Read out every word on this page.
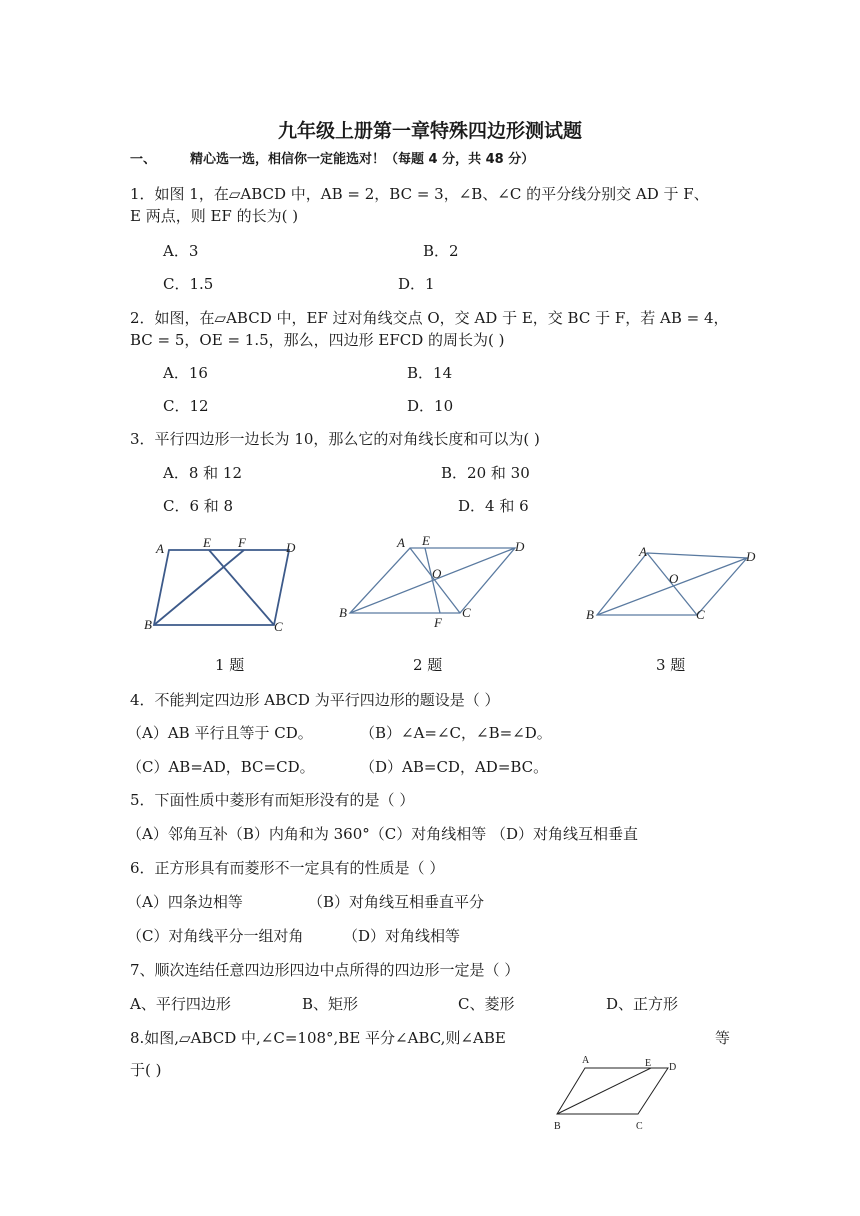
九年级上册第一章特殊四边形测试题
一、	精心选一选，相信你一定能选对！（每题 4 分，共 48 分）
1．如图 1，在▱ABCD 中，AB = 2，BC = 3，∠B、∠C 的平分线分别交 AD 于 F、
E 两点，则 EF 的长为( )
A．3	B．2
C．1.5	D．1
2．如图，在▱ABCD 中，EF 过对角线交点 O，交 AD 于 E，交 BC 于 F，若 AB = 4，
BC = 5，OE = 1.5，那么，四边形 EFCD 的周长为( )
A．16	B．14
C．12	D．10
3．平行四边形一边长为 10，那么它的对角线长度和可以为( )
A．8 和 12	B．20 和 30
C．6 和 8	D．4 和 6
A	E F	D
B	C
A E	D
O
B	C
F
A	D
O
B	C
1 题	2 题	3 题
4．不能判定四边形 ABCD 为平行四边形的题设是（ ）
（A）AB 平行且等于 CD。	（B）∠A=∠C，∠B=∠D。
（C）AB=AD，BC=CD。	（D）AB=CD，AD=BC。
5．下面性质中菱形有而矩形没有的是（ ）
（A）邻角互补（B）内角和为 360°（C）对角线相等 （D）对角线互相垂直
6．正方形具有而菱形不一定具有的性质是（ ）
（A）四条边相等	（B）对角线互相垂直平分
（C）对角线平分一组对角	（D）对角线相等
7、顺次连结任意四边形四边中点所得的四边形一定是（ ）
A、平行四边形	B、矩形	C、菱形	D、正方形
8.如图,▱ABCD 中,∠C=108°,BE 平分∠ABC,则∠ABE	等
于( )
A	E D
B	C
